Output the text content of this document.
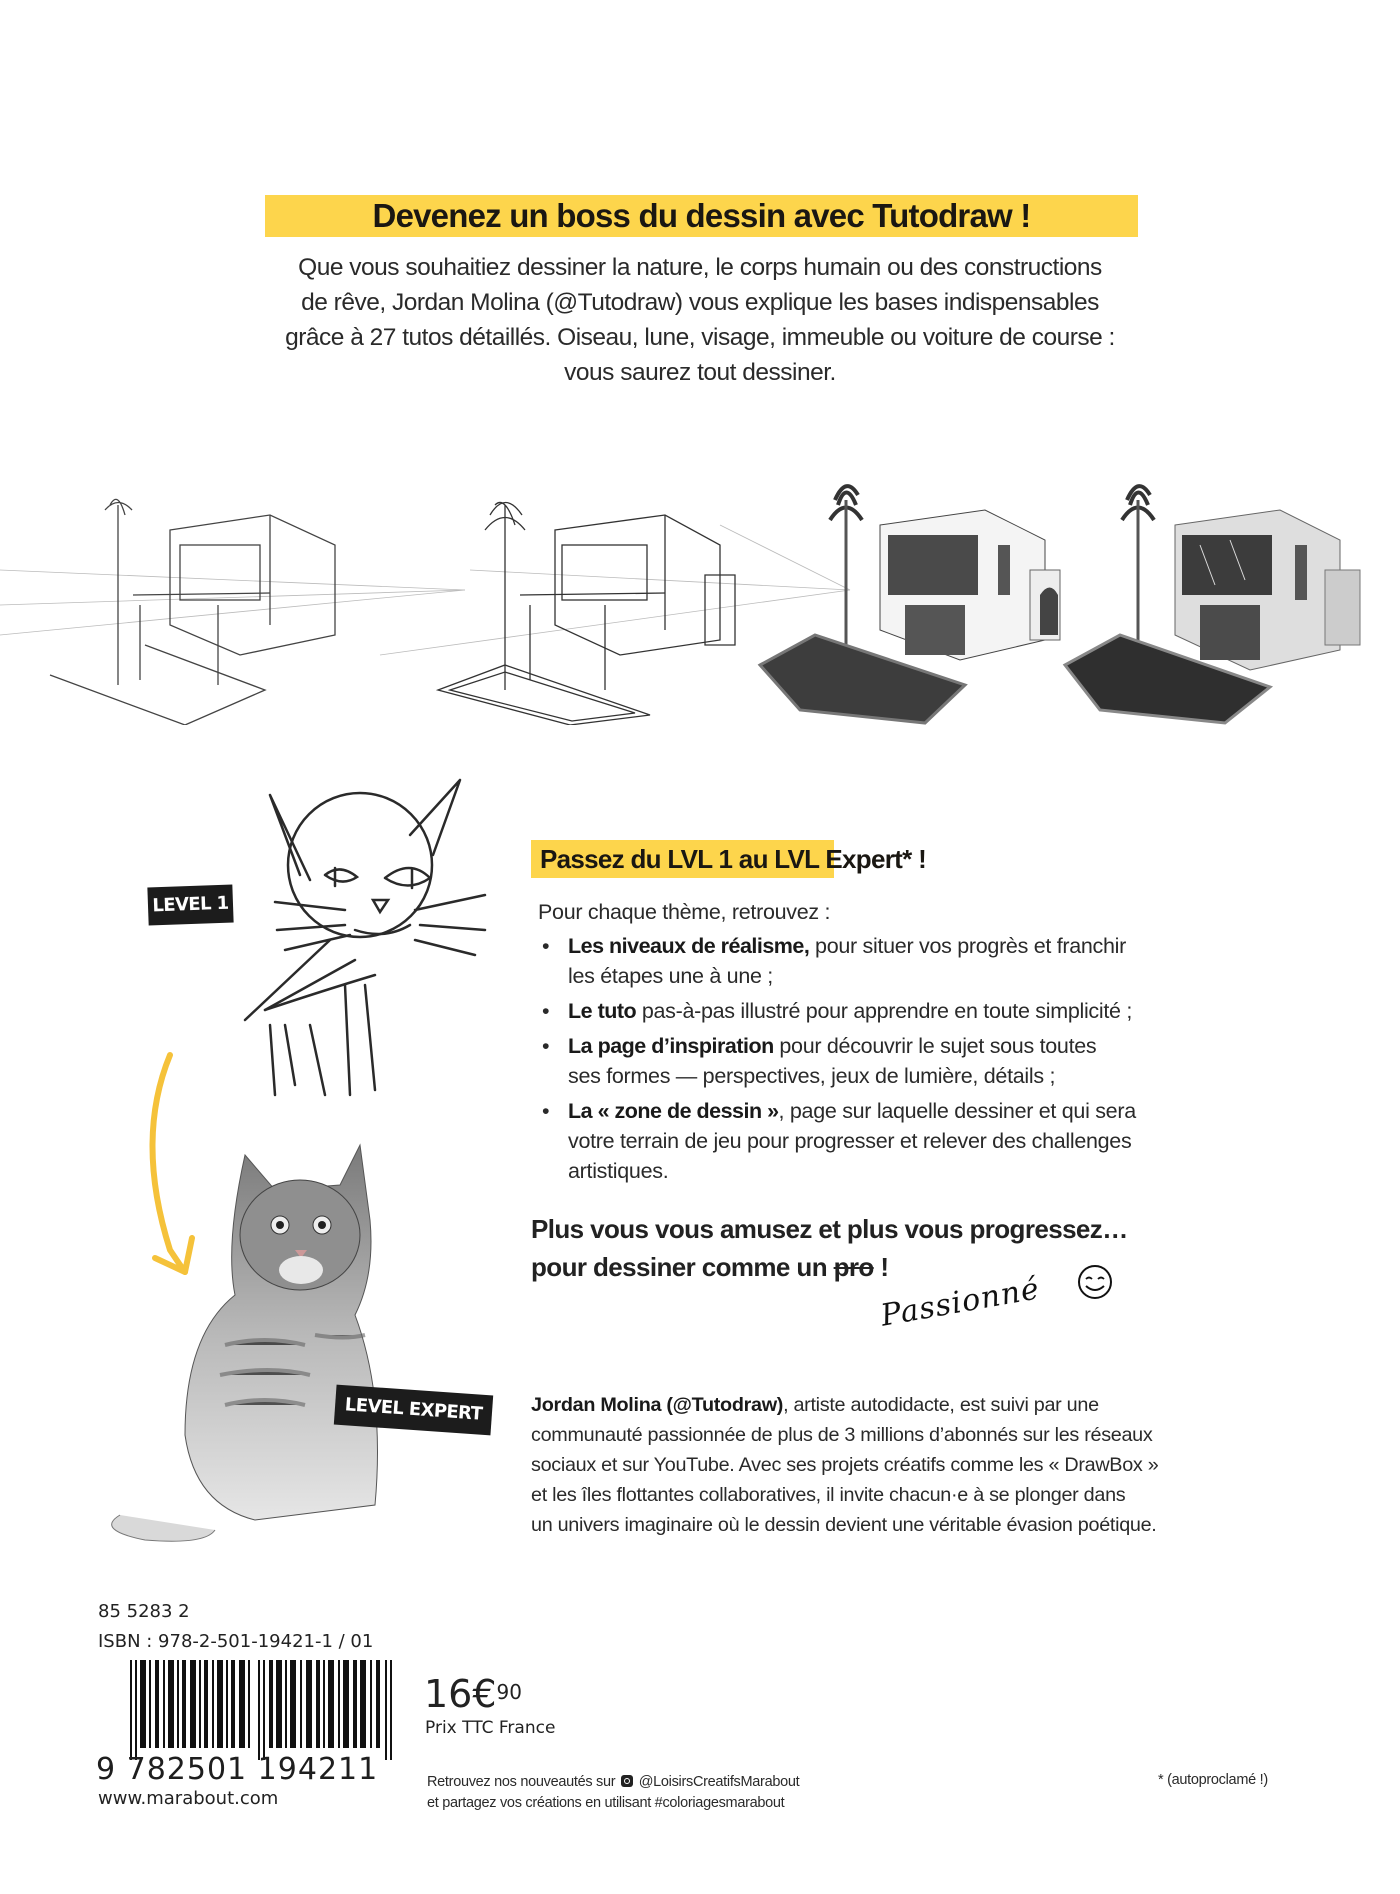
Devenez un boss du dessin avec Tutodraw !
Que vous souhaitiez dessiner la nature, le corps humain ou des constructions
de rêve, Jordan Molina (@Tutodraw) vous explique les bases indispensables
grâce à 27 tutos détaillés. Oiseau, lune, visage, immeuble ou voiture de course :
vous saurez tout dessiner.
LEVEL 1
LEVEL EXPERT
Passez du LVL 1 au LVL Expert* !
Pour chaque thème, retrouvez :
• Les niveaux de réalisme, pour situer vos progrès et franchir
les étapes une à une ;
• Le tuto pas-à-pas illustré pour apprendre en toute simplicité ;
• La page d’inspiration pour découvrir le sujet sous toutes
ses formes — perspectives, jeux de lumière, détails ;
• La « zone de dessin », page sur laquelle dessiner et qui sera
votre terrain de jeu pour progresser et relever des challenges
artistiques.
Plus vous vous amusez et plus vous progressez…
pour dessiner comme un pro !
Passionné
Jordan Molina (@Tutodraw), artiste autodidacte, est suivi par une
communauté passionnée de plus de 3 millions d’abonnés sur les réseaux
sociaux et sur YouTube. Avec ses projets créatifs comme les « DrawBox »
et les îles flottantes collaboratives, il invite chacun·e à se plonger dans
un univers imaginaire où le dessin devient une véritable évasion poétique.
85 5283 2
ISBN : 978-2-501-19421-1 / 01
9 782501 194211
www.marabout.com
16€$^{90}$
Prix TTC France
Retrouvez nos nouveautés sur  @LoisirsCreatifsMarabout
et partagez vos créations en utilisant #coloriagesmarabout
* (autoproclamé !)
